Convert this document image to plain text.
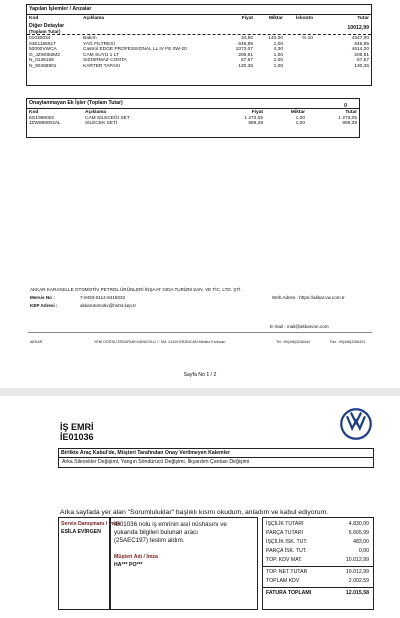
Yapılan İşlemler / Arızalar
Kod	Açıklama	Fiyat	Miktar	İskonto	Tutar
Diğer Detaylar	10012,99
(Toplam Tutar)
01030034	Bakım	34,50	140,00	% 10	4347,00
04E115561T	YAĞ FİLTRESİ	646,85	1,00		646,85
50000VWCA	Castrol EDGE PROFESSIONAL LL IV FE 0W-20	1073,07	4,30		4614,20
G_JZW050M2	CAM SUYU 1 LT	206,91	1,00		206,91
N_0138158	SIZDIRMAZ CONTA	67,67	1,00		67,67
N_90288901	KARTER TAPASI	130,36	1,00		130,36
Onaylanmayan Ek İşler (Toplam Tutar)	0
Kod	Açıklama	Fiyat	Miktar	Tutar
5G1998002	CAM SİLECEĞİ SET	1 273,05	1,00	1 273,05
JZW998002AL	SİLECEK SETİ	969,39	1,00	969,39
AKKAR KARAKELLE OTOMOTİV PETROL ÜRÜNLERİ İNŞAAT GIDA TURİZM SAN. VE TİC. LTD. ŞTİ.
Mersis No :	7-8453-9114-8416032	Web Adresi : https://akkar.vw.com.tr
KEP Adresi :	akkarotomotiv@hs04.kep.tr
E-mail : mail@akkarvon.com
AKKAR	YENİ DOĞSU ERZURUM KARAYOLU 7. KM. 24100 ERZİNCAN Merkez Erzincan	Tel : 90(446)2246444	Fax : 90(446)2266101
Sayfa No 1 / 2
İŞ EMRİ
İE01036
Birlikte Araç Kabul'de, Müşteri Tarafından Onay Verilmeyen Kalemler
Arka Silecekler Değişimi, Yangın Söndürücü Değişimi, İlkyardım Çantası Değişimi
Arka sayfada yer alan "Sorumluluklar" başlıklı kısmı okudum, anladım ve kabul ediyorum.
Servis Danışmanı / İmza
ESİLA EVİRGEN
İE01036 nolu iş emrinin asıl nüshasını ve
yukarıda bilgileri bulunan aracı
(25AEC197) teslim aldım.
Müşteri Adı / İmza
HA*** PO***
İŞÇİLİK TUTARI	4.830,00
PARÇA TUTARI	5.665,99
İŞÇİLİK İSK. TUT.	483,00
PARÇA İSK. TUT.	0,00
TOP. KDV MAT.	10.012,99
TOP. NET TUTAR	10.012,99
TOPLAM KDV	2.002,59
FATURA TOPLAMI	12.015,58
